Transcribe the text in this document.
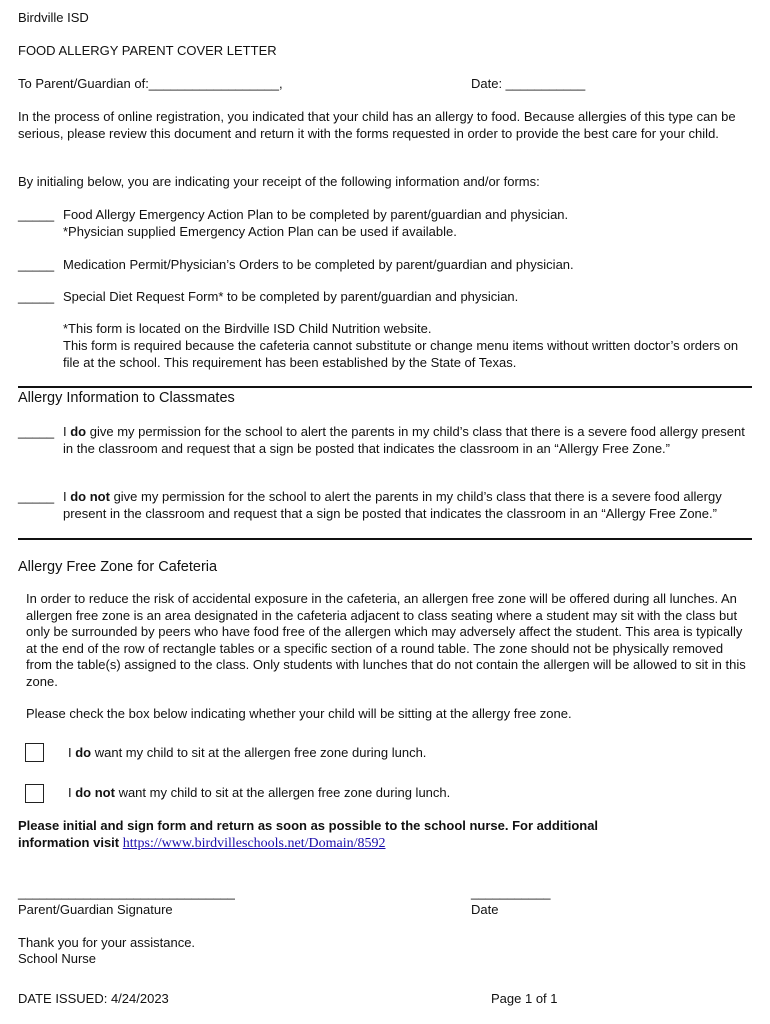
Birdville ISD
FOOD ALLERGY PARENT COVER LETTER
To Parent/Guardian of:__________________,	Date: ___________
In the process of online registration, you indicated that your child has an allergy to food. Because allergies of this type can be serious, please review this document and return it with the forms requested in order to provide the best care for your child.
By initialing below, you are indicating your receipt of the following information and/or forms:
_____ Food Allergy Emergency Action Plan to be completed by parent/guardian and physician.
*Physician supplied Emergency Action Plan can be used if available.
_____ Medication Permit/Physician’s Orders to be completed by parent/guardian and physician.
_____ Special Diet Request Form* to be completed by parent/guardian and physician.
*This form is located on the Birdville ISD Child Nutrition website.
This form is required because the cafeteria cannot substitute or change menu items without written doctor’s orders on file at the school. This requirement has been established by the State of Texas.
Allergy Information to Classmates
_____ I do give my permission for the school to alert the parents in my child’s class that there is a severe food allergy present in the classroom and request that a sign be posted that indicates the classroom in an “Allergy Free Zone.”
_____ I do not give my permission for the school to alert the parents in my child’s class that there is a severe food allergy present in the classroom and request that a sign be posted that indicates the classroom in an “Allergy Free Zone.”
Allergy Free Zone for Cafeteria
In order to reduce the risk of accidental exposure in the cafeteria, an allergen free zone will be offered during all lunches. An allergen free zone is an area designated in the cafeteria adjacent to class seating where a student may sit with the class but only be surrounded by peers who have food free of the allergen which may adversely affect the student. This area is typically at the end of the row of rectangle tables or a specific section of a round table. The zone should not be physically removed from the table(s) assigned to the class. Only students with lunches that do not contain the allergen will be allowed to sit in this zone.
Please check the box below indicating whether your child will be sitting at the allergy free zone.
I do want my child to sit at the allergen free zone during lunch.
I do not want my child to sit at the allergen free zone during lunch.
Please initial and sign form and return as soon as possible to the school nurse. For additional information visit https://www.birdvilleschools.net/Domain/8592
______________________________
Parent/Guardian Signature
___________
Date
Thank you for your assistance.
School Nurse
DATE ISSUED: 4/24/2023	Page 1 of 1
